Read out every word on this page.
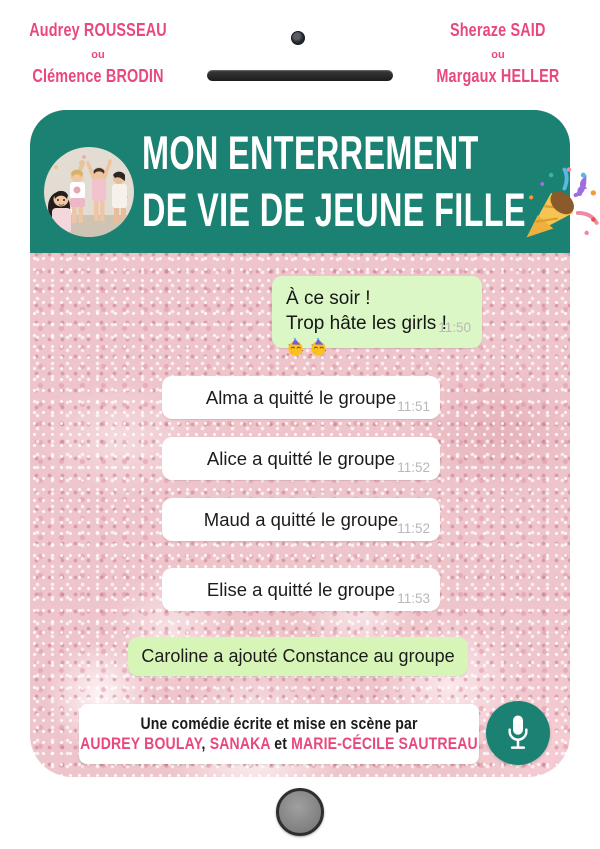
Audrey ROUSSEAU
ou
Clémence BRODIN
Sheraze SAID
ou
Margaux HELLER
MON ENTERREMENT
DE VIE DE JEUNE FILLE
À ce soir !
Trop hâte les girls !
11:50
Alma a quitté le groupe 11:51
Alice a quitté le groupe 11:52
Maud a quitté le groupe 11:52
Elise a quitté le groupe 11:53
Caroline a ajouté Constance au groupe
Une comédie écrite et mise en scène par
AUDREY BOULAY, SANAKA et MARIE-CÉCILE SAUTREAU
